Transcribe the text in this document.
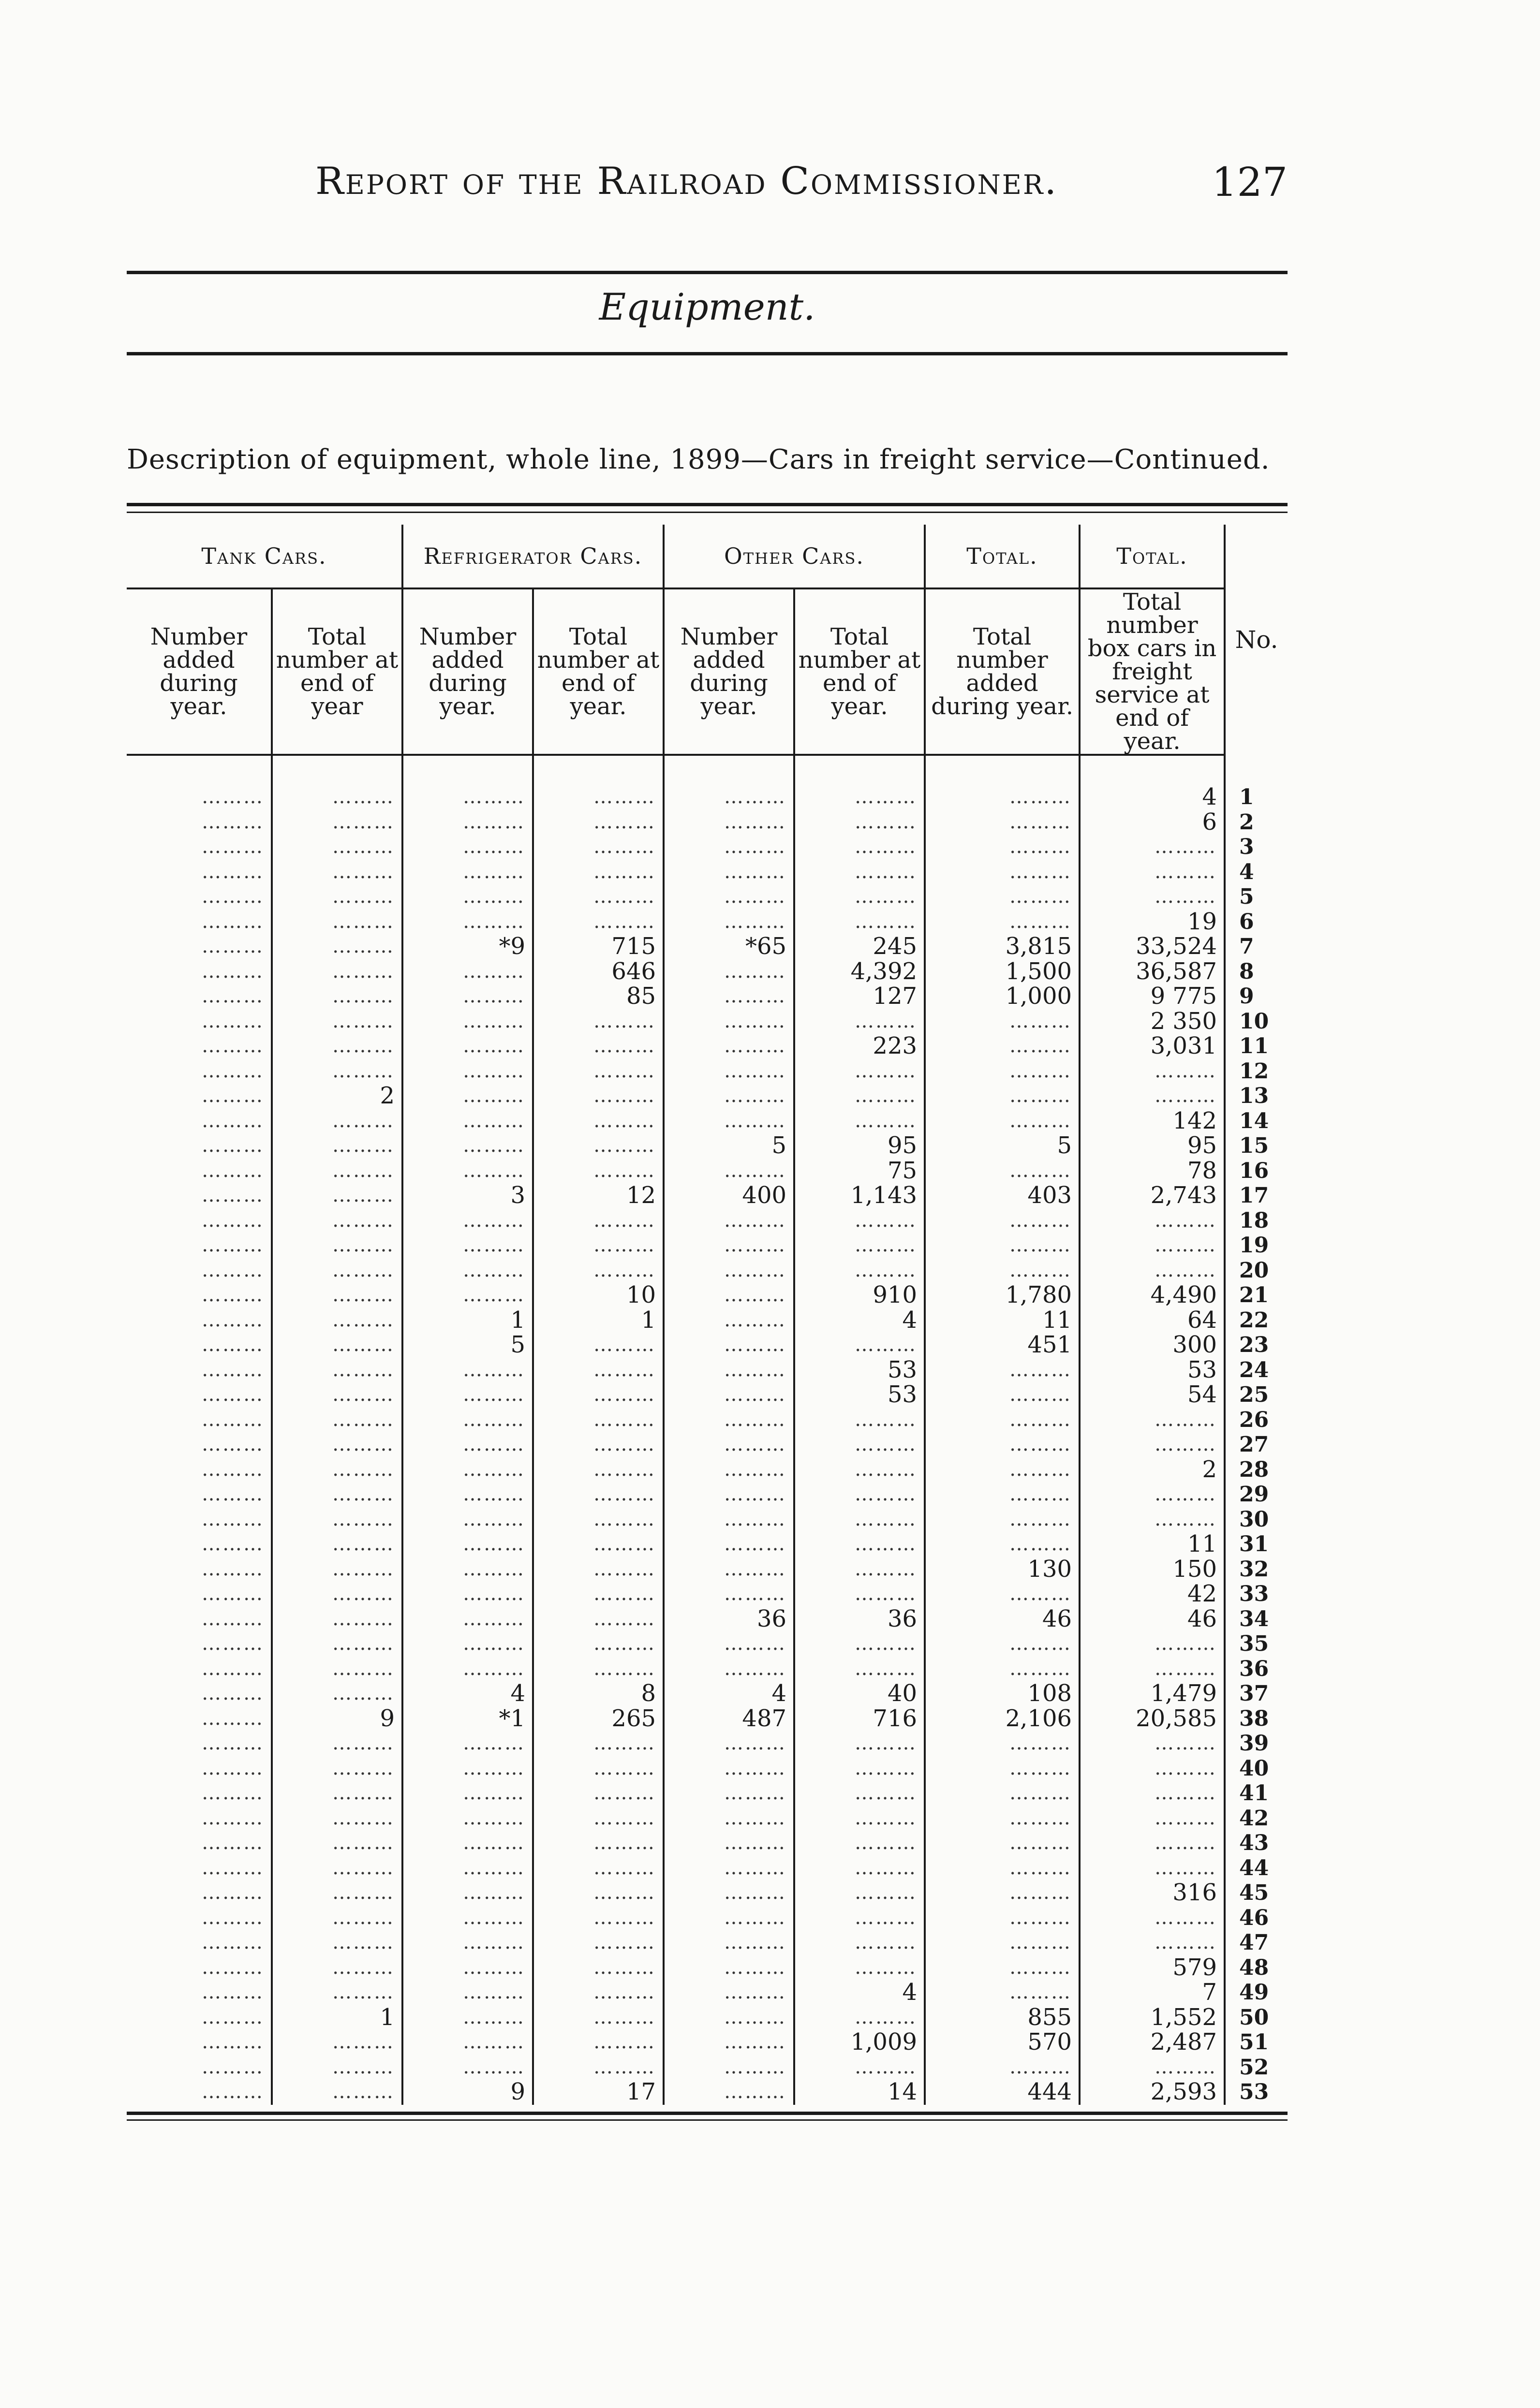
Report of the Railroad Commissioner.	127
Equipment.
Description of equipment, whole line, 1899—Cars in freight service—Continued.
Tank Cars.		Refrigerator Cars.		Other Cars.		Total.	Total.	No.
Number added during year.	Total number at end of year	Number added during year.	Total number at end of year.	Number added during year.	Total number at end of year.	Total number added during year.	Total number box cars in freight service at end of year.	

………	………	………	………	………	………	………	4	1
………	………	………	………	………	………	………	6	2
………	………	………	………	………	………	………	………	3
………	………	………	………	………	………	………	………	4
………	………	………	………	………	………	………	………	5
………	………	………	………	………	………	………	19	6
………	………	*9	715	*65	245	3,815	33,524	7
………	………	………	646	………	4,392	1,500	36,587	8
………	………	………	85	………	127	1,000	9 775	9
………	………	………	………	………	………	………	2 350	10
………	………	………	………	………	223	………	3,031	11
………	………	………	………	………	………	………	………	12
………	2	………	………	………	………	………	………	13
………	………	………	………	………	………	………	142	14
………	………	………	………	5	95	5	95	15
………	………	………	………	………	75	………	78	16
………	………	3	12	400	1,143	403	2,743	17
………	………	………	………	………	………	………	………	18
………	………	………	………	………	………	………	………	19
………	………	………	………	………	………	………	………	20
………	………	………	10	………	910	1,780	4,490	21
………	………	1	1	………	4	11	64	22
………	………	5	………	………	………	451	300	23
………	………	………	………	………	53	………	53	24
………	………	………	………	………	53	………	54	25
………	………	………	………	………	………	………	………	26
………	………	………	………	………	………	………	………	27
………	………	………	………	………	………	………	2	28
………	………	………	………	………	………	………	………	29
………	………	………	………	………	………	………	………	30
………	………	………	………	………	………	………	11	31
………	………	………	………	………	………	130	150	32
………	………	………	………	………	………	………	42	33
………	………	………	………	36	36	46	46	34
………	………	………	………	………	………	………	………	35
………	………	………	………	………	………	………	………	36
………	………	4	8	4	40	108	1,479	37
………	9	*1	265	487	716	2,106	20,585	38
………	………	………	………	………	………	………	………	39
………	………	………	………	………	………	………	………	40
………	………	………	………	………	………	………	………	41
………	………	………	………	………	………	………	………	42
………	………	………	………	………	………	………	………	43
………	………	………	………	………	………	………	………	44
………	………	………	………	………	………	………	316	45
………	………	………	………	………	………	………	………	46
………	………	………	………	………	………	………	………	47
………	………	………	………	………	………	………	579	48
………	………	………	………	………	4	………	7	49
………	1	………	………	………	………	855	1,552	50
………	………	………	………	………	1,009	570	2,487	51
………	………	………	………	………	………	………	………	52
………	………	9	17	………	14	444	2,593	53
